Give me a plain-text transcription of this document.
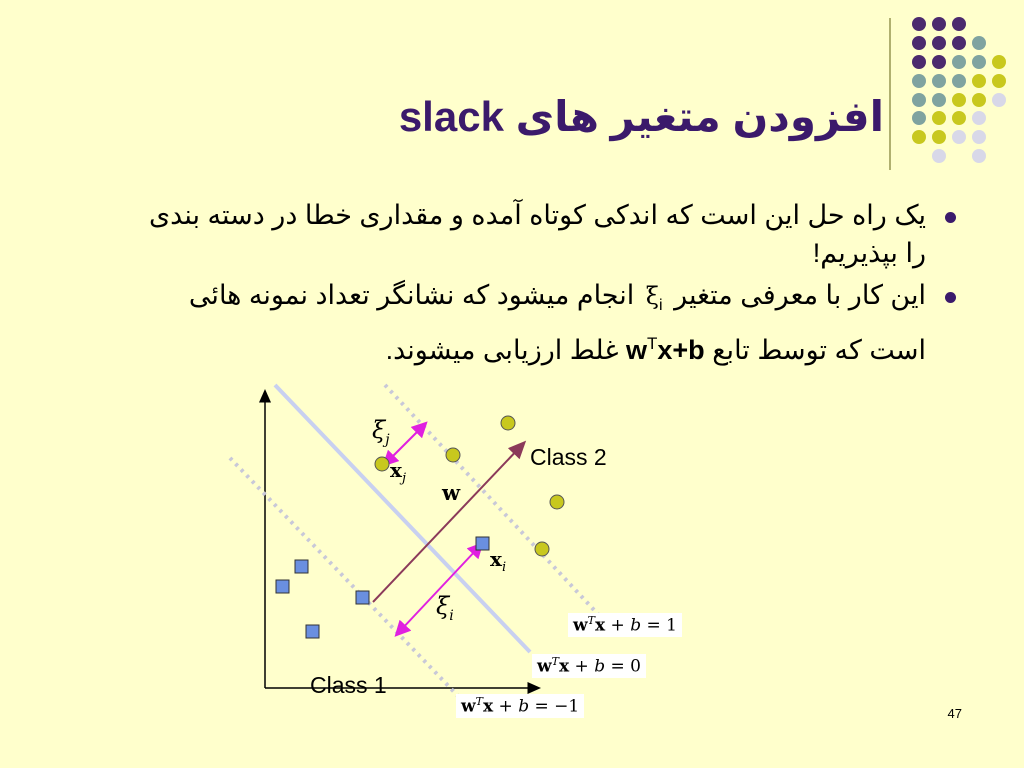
افزودن متغیر های slack
یک راه حل این است که اندکی کوتاه آمده و مقداری خطا در دسته بندی
را بپذیریم!
این کار با معرفی متغیر $\xi_i$ انجام میشود که نشانگر تعداد نمونه هائی
است که توسط تابع $w^Tx+b$ غلط ارزیابی میشوند.
Class 2
Class 1
w
$\xi_j$
$x_j$
$x_i$
$\xi_i$	$w^Tx + b = 1$
$w^Tx + b = 0$
$w^Tx + b = -1$	47
